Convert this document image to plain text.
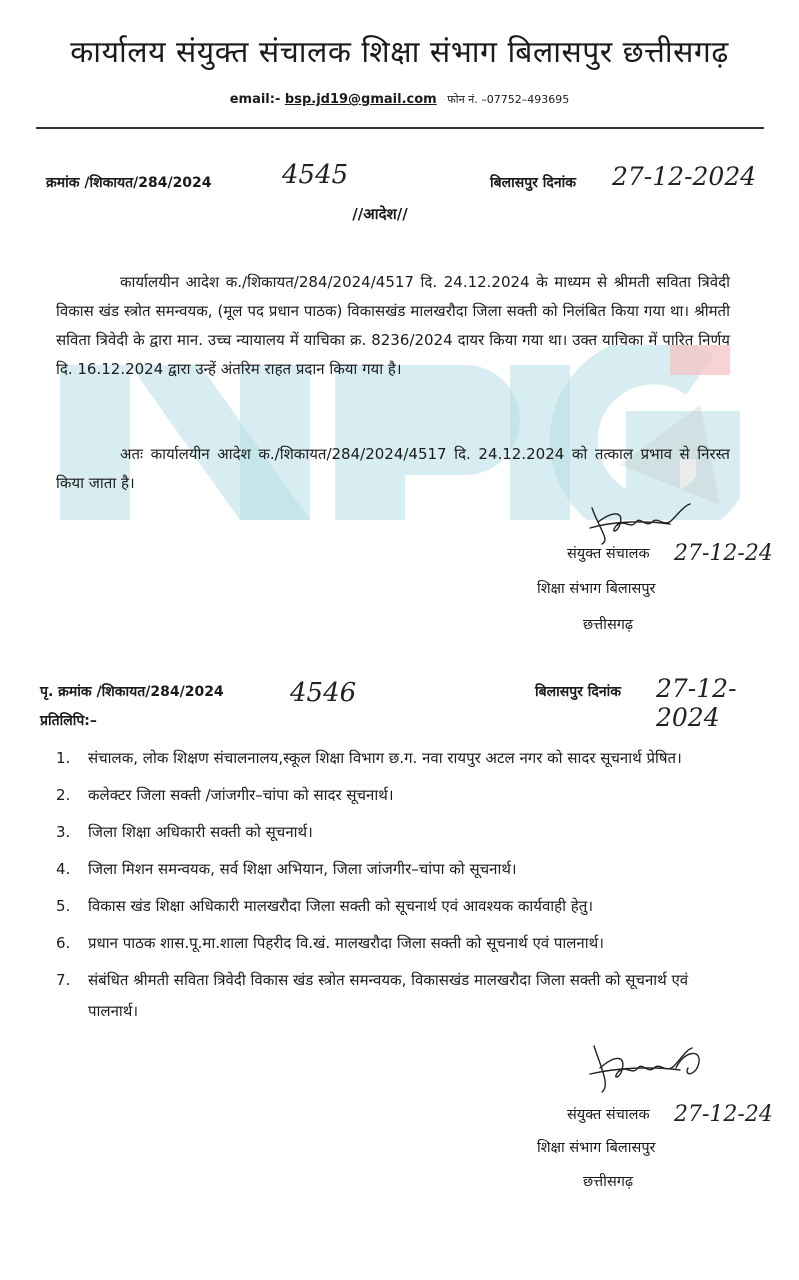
कार्यालय संयुक्त संचालक शिक्षा संभाग बिलासपुर छत्तीसगढ़
email:- bsp.jd19@gmail.com फोन नं. –07752–493695
क्रमांक /शिकायत/284/2024	4545	बिलासपुर दिनांक 27-12-2024
//आदेश//
कार्यालयीन आदेश क./शिकायत/284/2024/4517 दि. 24.12.2024 के माध्यम से श्रीमती सविता त्रिवेदी विकास खंड स्त्रोत समन्वयक, (मूल पद प्रधान पाठक) विकासखंड मालखरौदा जिला सक्ती को निलंबित किया गया था। श्रीमती सविता त्रिवेदी के द्वारा मान. उच्च न्यायालय में याचिका क्र. 8236/2024 दायर किया गया था। उक्त याचिका में पारित निर्णय दि. 16.12.2024 द्वारा उन्हें अंतरिम राहत प्रदान किया गया है।
अतः कार्यालयीन आदेश क./शिकायत/284/2024/4517 दि. 24.12.2024 को तत्काल प्रभाव से निरस्त किया जाता है।
संयुक्त संचालक 27-12-24
शिक्षा संभाग बिलासपुर
छत्तीसगढ़
पृ. क्रमांक /शिकायत/284/2024	4546	बिलासपुर दिनांक 27-12-2024
प्रतिलिपि:–
1.	संचालक, लोक शिक्षण संचालनालय,स्कूल शिक्षा विभाग छ.ग. नवा रायपुर अटल नगर को सादर सूचनार्थ प्रेषित।
2.	कलेक्टर जिला सक्ती /जांजगीर–चांपा को सादर सूचनार्थ।
3.	जिला शिक्षा अधिकारी सक्ती को सूचनार्थ।
4.	जिला मिशन समन्वयक, सर्व शिक्षा अभियान, जिला जांजगीर–चांपा को सूचनार्थ।
5.	विकास खंड शिक्षा अधिकारी मालखरौदा जिला सक्ती को सूचनार्थ एवं आवश्यक कार्यवाही हेतु।
6.	प्रधान पाठक शास.पू.मा.शाला पिहरीद वि.खं. मालखरौदा जिला सक्ती को सूचनार्थ एवं पालनार्थ।
7.	संबंधित श्रीमती सविता त्रिवेदी विकास खंड स्त्रोत समन्वयक, विकासखंड मालखरौदा जिला सक्ती को सूचनार्थ एवं पालनार्थ।
संयुक्त संचालक 27-12-24
शिक्षा संभाग बिलासपुर
छत्तीसगढ़
